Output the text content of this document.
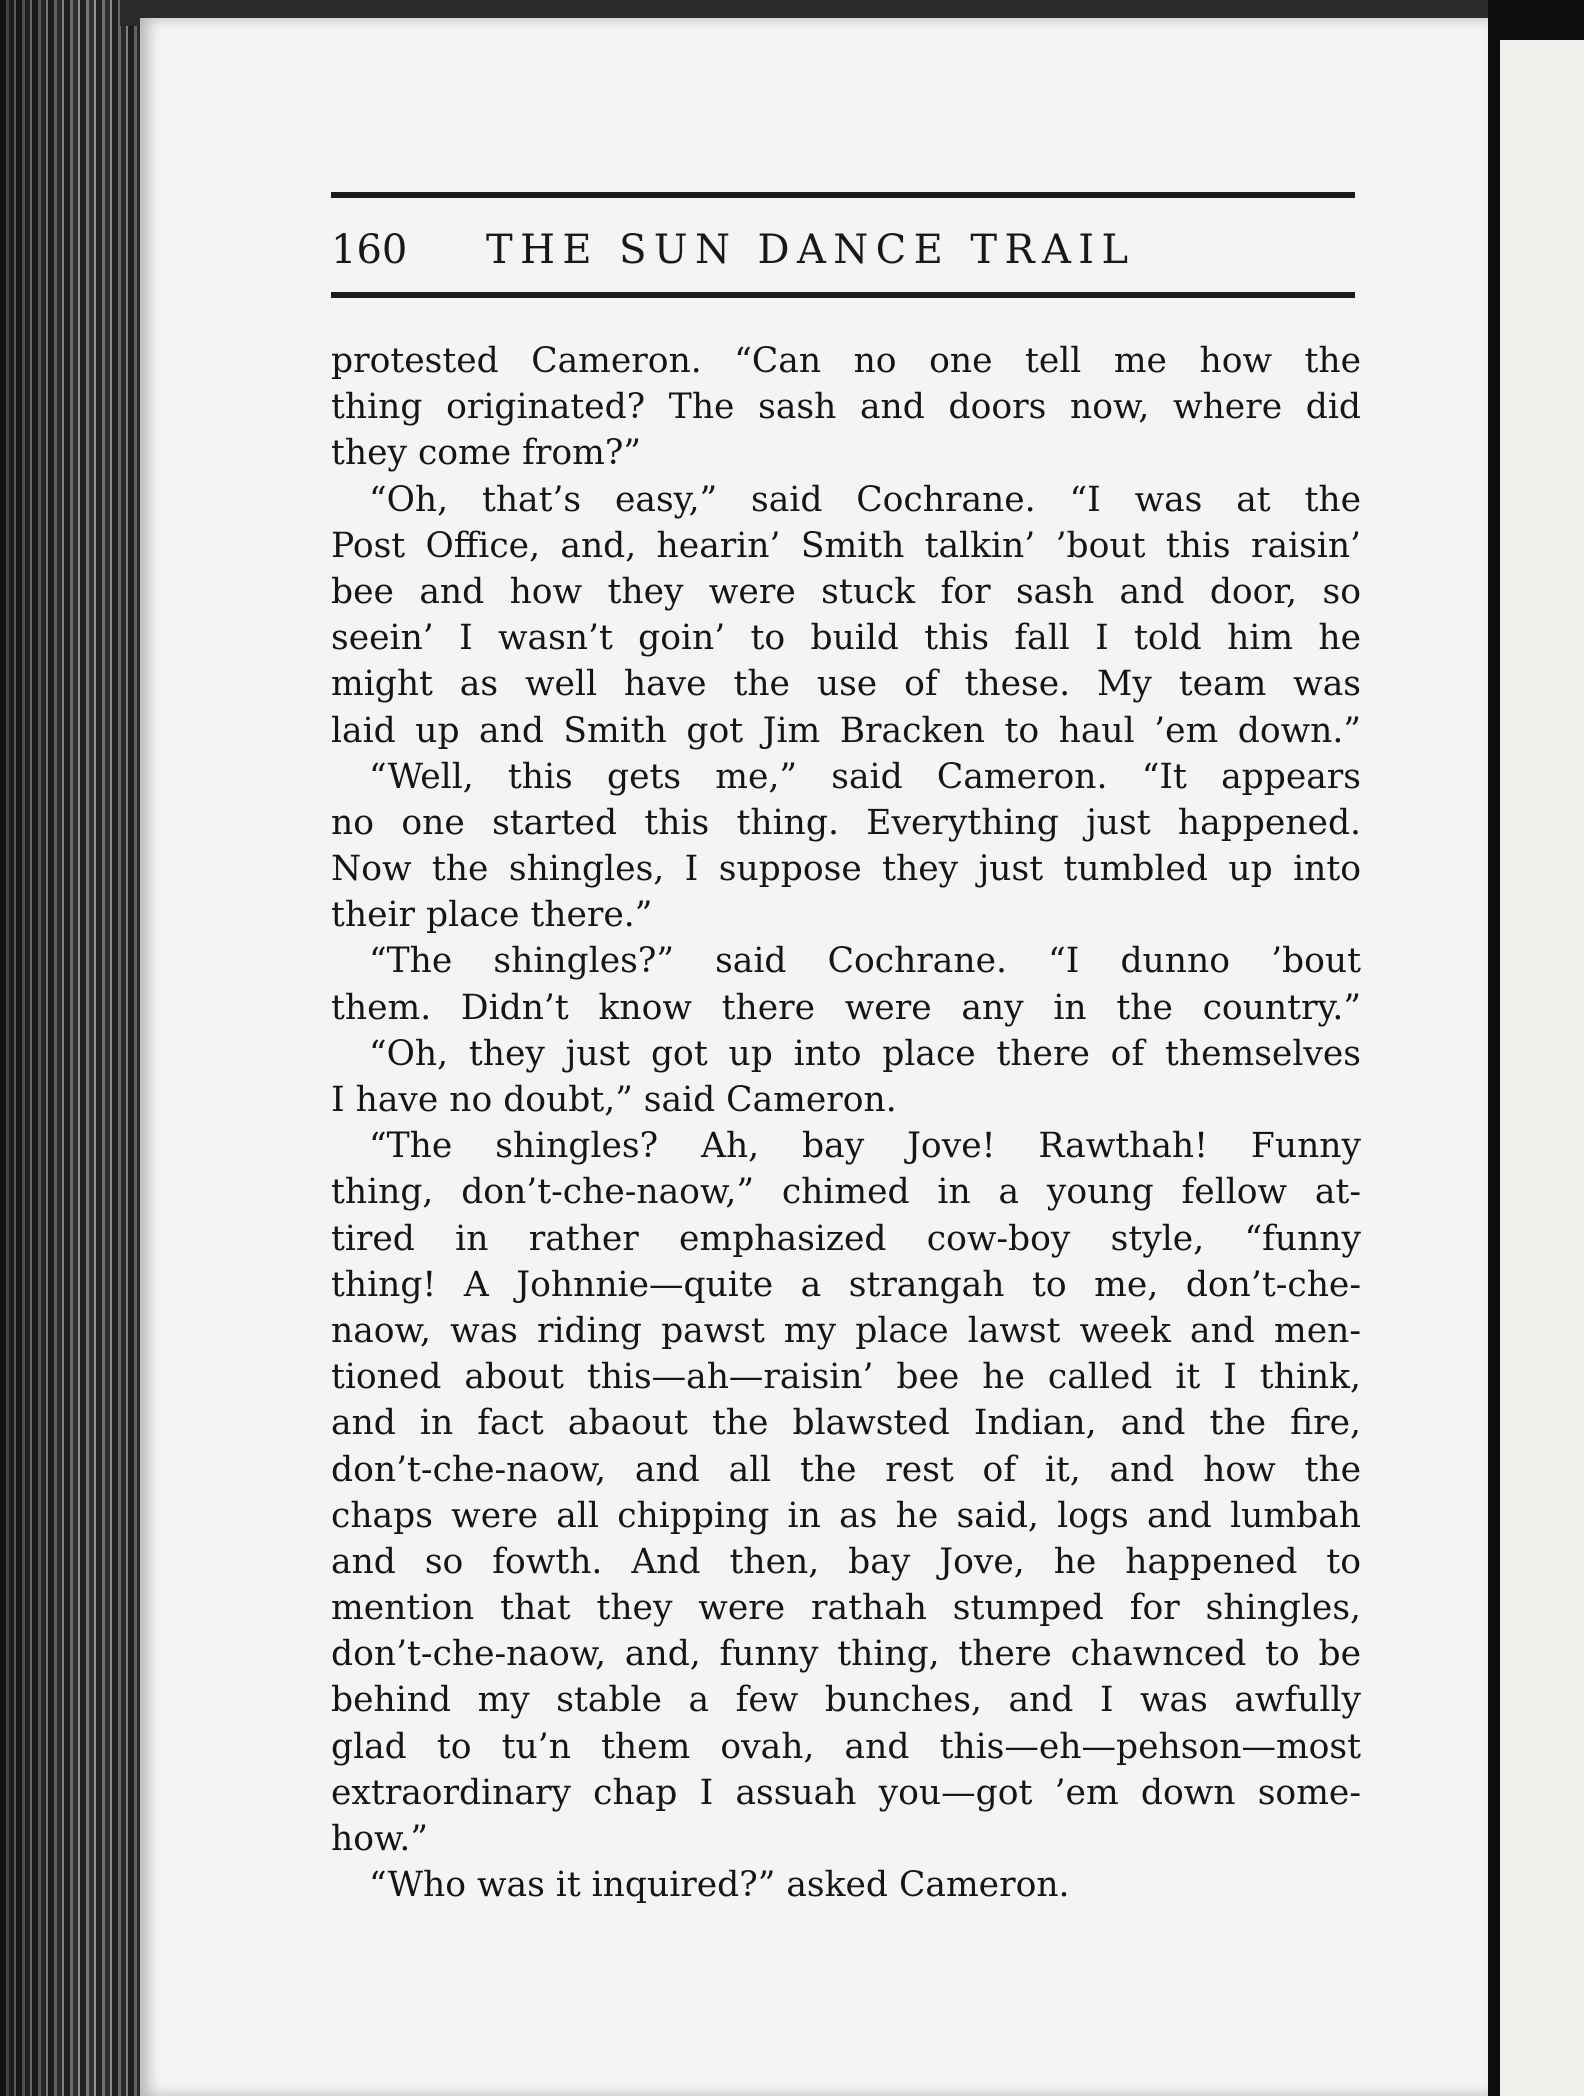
160 THE SUN DANCE TRAIL
protested Cameron. “Can no one tell me how the
thing originated? The sash and doors now, where did
they come from?”
“Oh, that’s easy,” said Cochrane. “I was at the
Post Office, and, hearin’ Smith talkin’ ’bout this raisin’
bee and how they were stuck for sash and door, so
seein’ I wasn’t goin’ to build this fall I told him he
might as well have the use of these. My team was
laid up and Smith got Jim Bracken to haul ’em down.”
“Well, this gets me,” said Cameron. “It appears
no one started this thing. Everything just happened.
Now the shingles, I suppose they just tumbled up into
their place there.”
“The shingles?” said Cochrane. “I dunno ’bout
them. Didn’t know there were any in the country.”
“Oh, they just got up into place there of themselves
I have no doubt,” said Cameron.
“The shingles? Ah, bay Jove! Rawthah! Funny
thing, don’t-che-naow,” chimed in a young fellow at-
tired in rather emphasized cow-boy style, “funny
thing! A Johnnie—quite a strangah to me, don’t-che-
naow, was riding pawst my place lawst week and men-
tioned about this—ah—raisin’ bee he called it I think,
and in fact abaout the blawsted Indian, and the fire,
don’t-che-naow, and all the rest of it, and how the
chaps were all chipping in as he said, logs and lumbah
and so fowth. And then, bay Jove, he happened to
mention that they were rathah stumped for shingles,
don’t-che-naow, and, funny thing, there chawnced to be
behind my stable a few bunches, and I was awfully
glad to tu’n them ovah, and this—eh—pehson—most
extraordinary chap I assuah you—got ’em down some-
how.”
“Who was it inquired?” asked Cameron.
